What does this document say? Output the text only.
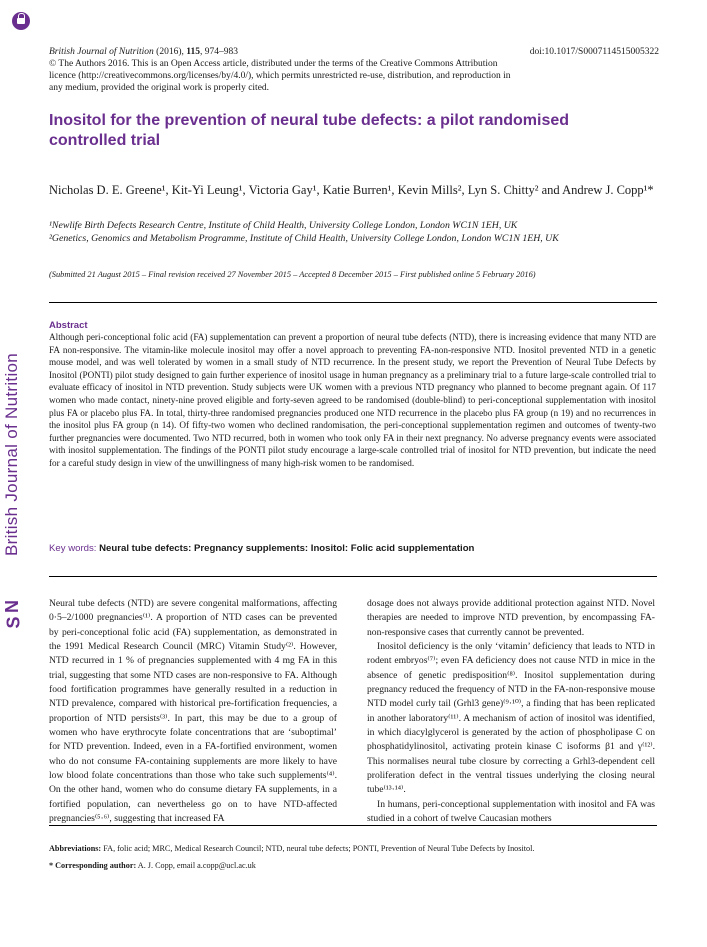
British Journal of Nutrition
N
S
British Journal of Nutrition (2016), 115, 974–983	doi:10.1017/S0007114515005322
© The Authors 2016. This is an Open Access article, distributed under the terms of the Creative Commons Attribution licence (http://creativecommons.org/licenses/by/4.0/), which permits unrestricted re-use, distribution, and reproduction in any medium, provided the original work is properly cited.
Inositol for the prevention of neural tube defects: a pilot randomised controlled trial
Nicholas D. E. Greene¹, Kit-Yi Leung¹, Victoria Gay¹, Katie Burren¹, Kevin Mills², Lyn S. Chitty² and Andrew J. Copp¹*
¹Newlife Birth Defects Research Centre, Institute of Child Health, University College London, London WC1N 1EH, UK
²Genetics, Genomics and Metabolism Programme, Institute of Child Health, University College London, London WC1N 1EH, UK
(Submitted 21 August 2015 – Final revision received 27 November 2015 – Accepted 8 December 2015 – First published online 5 February 2016)
Abstract
Although peri-conceptional folic acid (FA) supplementation can prevent a proportion of neural tube defects (NTD), there is increasing evidence that many NTD are FA non-responsive. The vitamin-like molecule inositol may offer a novel approach to preventing FA-non-responsive NTD. Inositol prevented NTD in a genetic mouse model, and was well tolerated by women in a small study of NTD recurrence. In the present study, we report the Prevention of Neural Tube Defects by Inositol (PONTI) pilot study designed to gain further experience of inositol usage in human pregnancy as a preliminary trial to a future large-scale controlled trial to evaluate efficacy of inositol in NTD prevention. Study subjects were UK women with a previous NTD pregnancy who planned to become pregnant again. Of 117 women who made contact, ninety-nine proved eligible and forty-seven agreed to be randomised (double-blind) to peri-conceptional supplementation with inositol plus FA or placebo plus FA. In total, thirty-three randomised pregnancies produced one NTD recurrence in the placebo plus FA group (n 19) and no recurrences in the inositol plus FA group (n 14). Of fifty-two women who declined randomisation, the peri-conceptional supplementation regimen and outcomes of twenty-two further pregnancies were documented. Two NTD recurred, both in women who took only FA in their next pregnancy. No adverse pregnancy events were associated with inositol supplementation. The findings of the PONTI pilot study encourage a large-scale controlled trial of inositol for NTD prevention, but indicate the need for a careful study design in view of the unwillingness of many high-risk women to be randomised.
Key words: Neural tube defects: Pregnancy supplements: Inositol: Folic acid supplementation

Neural tube defects (NTD) are severe congenital malformations, affecting 0·5–2/1000 pregnancies⁽¹⁾. A proportion of NTD cases can be prevented by peri-conceptional folic acid (FA) supplementation, as demonstrated in the 1991 Medical Research Council (MRC) Vitamin Study⁽²⁾. However, NTD recurred in 1 % of pregnancies supplemented with 4 mg FA in this trial, suggesting that some NTD cases are non-responsive to FA. Although food fortification programmes have generally resulted in a reduction in NTD prevalence, compared with historical pre-fortification frequencies, a proportion of NTD persists⁽³⁾. In part, this may be due to a group of women who have erythrocyte folate concentrations that are ‘suboptimal’ for NTD prevention. Indeed, even in a FA-fortified environment, women who do not consume FA-containing supplements are more likely to have low blood folate concentrations than those who take such supplements⁽⁴⁾. On the other hand, women who do consume dietary FA supplements, in a fortified population, can nevertheless go on to have NTD-affected pregnancies⁽⁵·⁶⁾, suggesting that increased FA

dosage does not always provide additional protection against NTD. Novel therapies are needed to improve NTD prevention, by encompassing FA-non-responsive cases that currently cannot be prevented.

Inositol deficiency is the only ‘vitamin’ deficiency that leads to NTD in rodent embryos⁽⁷⁾; even FA deficiency does not cause NTD in mice in the absence of genetic predisposition⁽⁸⁾. Inositol supplementation during pregnancy reduced the frequency of NTD in the FA-non-responsive mouse NTD model curly tail (Grhl3 gene)⁽⁹·¹⁰⁾, a finding that has been replicated in another laboratory⁽¹¹⁾. A mechanism of action of inositol was identified, in which diacylglycerol is generated by the action of phospholipase C on phosphatidylinositol, activating protein kinase C isoforms β1 and γ⁽¹²⁾. This normalises neural tube closure by correcting a Grhl3-dependent cell proliferation defect in the ventral tissues underlying the closing neural tube⁽¹³·¹⁴⁾.

In humans, peri-conceptional supplementation with inositol and FA was studied in a cohort of twelve Caucasian mothers

Abbreviations: FA, folic acid; MRC, Medical Research Council; NTD, neural tube defects; PONTI, Prevention of Neural Tube Defects by Inositol.
* Corresponding author: A. J. Copp, email a.copp@ucl.ac.uk
